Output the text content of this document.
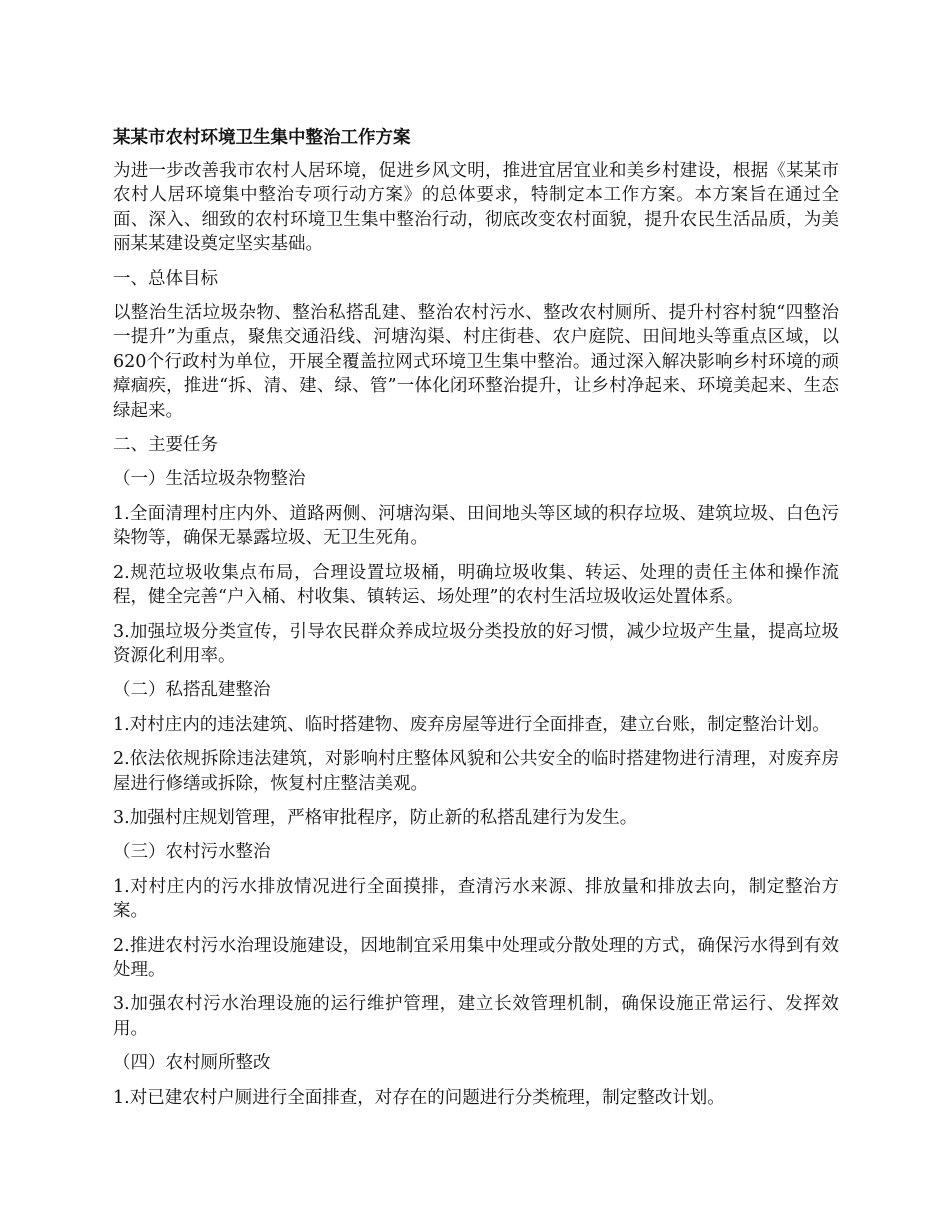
某某市农村环境卫生集中整治工作方案

为进一步改善我市农村人居环境，促进乡风文明，推进宜居宜业和美乡村建设，根据《某某市农村人居环境集中整治专项行动方案》的总体要求，特制定本工作方案。本方案旨在通过全面、深入、细致的农村环境卫生集中整治行动，彻底改变农村面貌，提升农民生活品质，为美丽某某建设奠定坚实基础。

一、总体目标

以整治生活垃圾杂物、整治私搭乱建、整治农村污水、整改农村厕所、提升村容村貌“四整治一提升”为重点，聚焦交通沿线、河塘沟渠、村庄街巷、农户庭院、田间地头等重点区域，以620个行政村为单位，开展全覆盖拉网式环境卫生集中整治。通过深入解决影响乡村环境的顽瘴痼疾，推进“拆、清、建、绿、管”一体化闭环整治提升，让乡村净起来、环境美起来、生态绿起来。

二、主要任务

（一）生活垃圾杂物整治

1.全面清理村庄内外、道路两侧、河塘沟渠、田间地头等区域的积存垃圾、建筑垃圾、白色污染物等，确保无暴露垃圾、无卫生死角。

2.规范垃圾收集点布局，合理设置垃圾桶，明确垃圾收集、转运、处理的责任主体和操作流程，健全完善“户入桶、村收集、镇转运、场处理”的农村生活垃圾收运处置体系。

3.加强垃圾分类宣传，引导农民群众养成垃圾分类投放的好习惯，减少垃圾产生量，提高垃圾资源化利用率。

（二）私搭乱建整治

1.对村庄内的违法建筑、临时搭建物、废弃房屋等进行全面排查，建立台账，制定整治计划。

2.依法依规拆除违法建筑，对影响村庄整体风貌和公共安全的临时搭建物进行清理，对废弃房屋进行修缮或拆除，恢复村庄整洁美观。

3.加强村庄规划管理，严格审批程序，防止新的私搭乱建行为发生。

（三）农村污水整治

1.对村庄内的污水排放情况进行全面摸排，查清污水来源、排放量和排放去向，制定整治方案。

2.推进农村污水治理设施建设，因地制宜采用集中处理或分散处理的方式，确保污水得到有效处理。

3.加强农村污水治理设施的运行维护管理，建立长效管理机制，确保设施正常运行、发挥效用。

（四）农村厕所整改

1.对已建农村户厕进行全面排查，对存在的问题进行分类梳理，制定整改计划。
